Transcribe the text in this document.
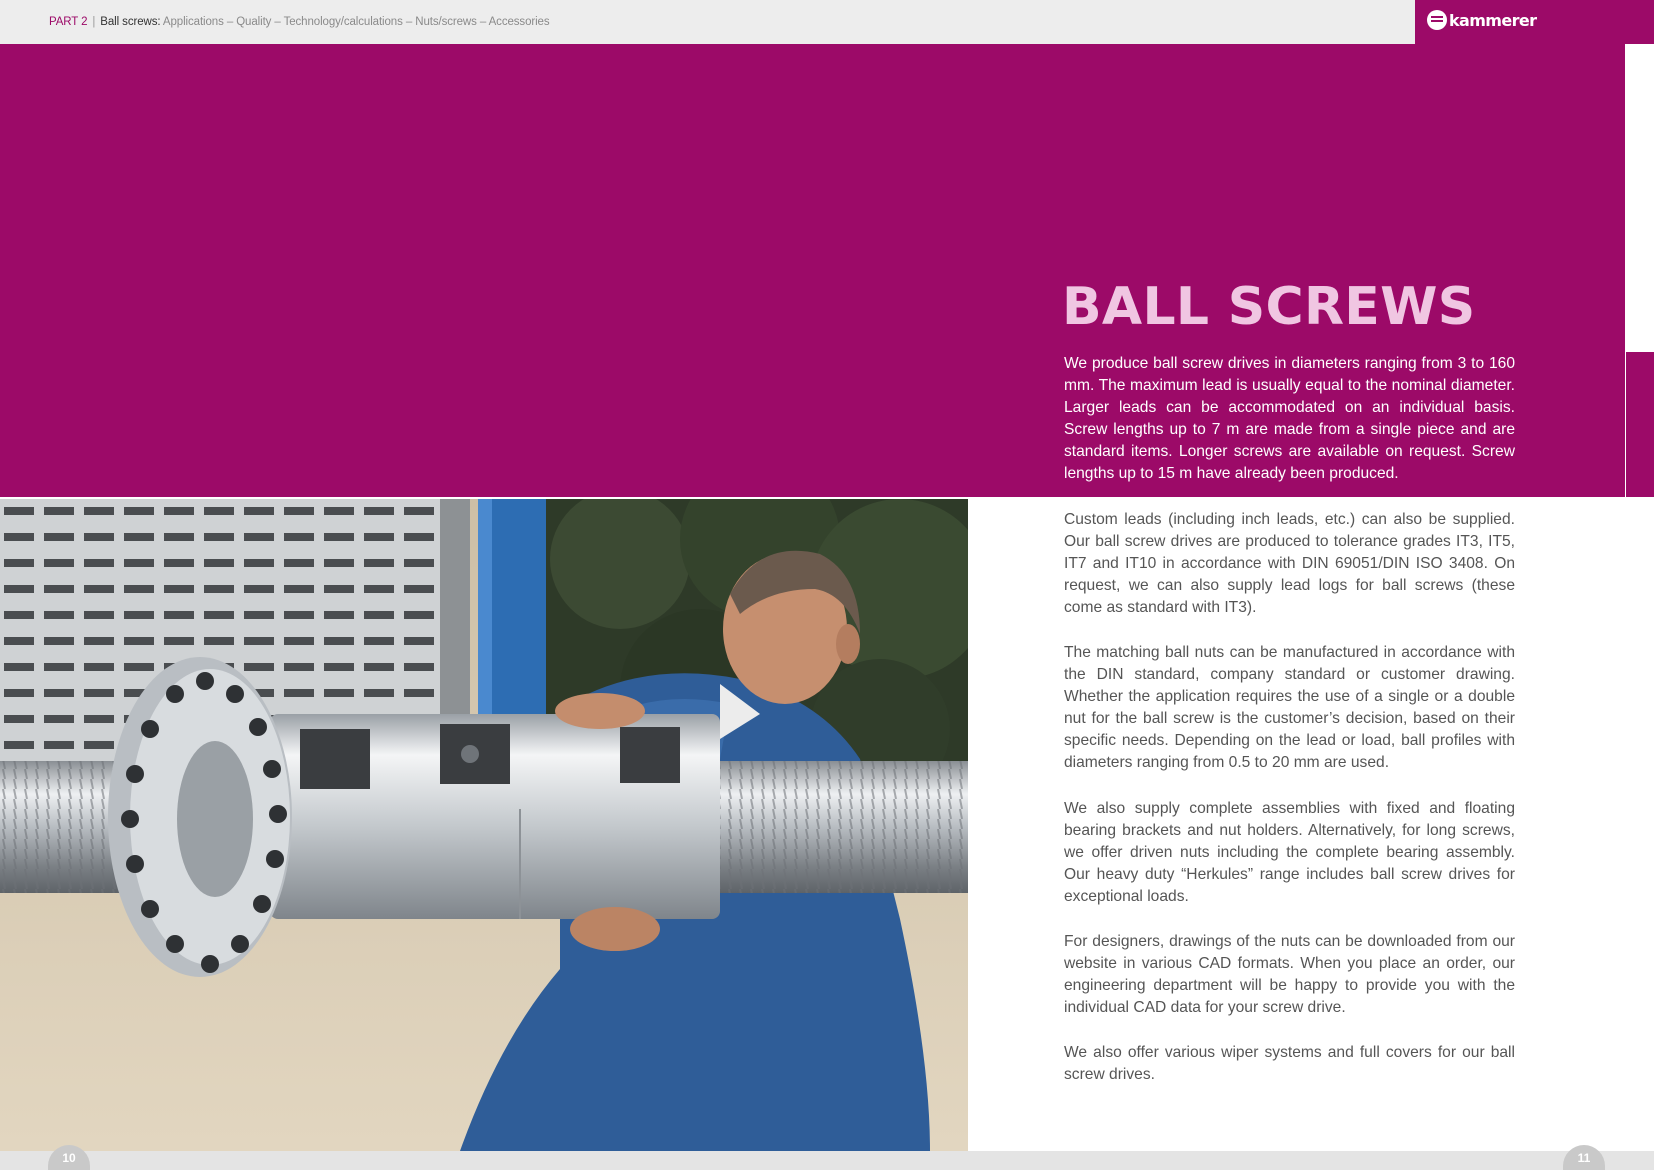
PART 2 | Ball screws: Applications – Quality – Technology/calculations – Nuts/screws – Accessories	kammerer
BALL SCREWS

We produce ball screw drives in diameters ranging from 3 to 160 mm. The maximum lead is usually equal to the nominal diameter. Larger leads can be accommodated on an individual basis. Screw lengths up to 7 m are made from a single piece and are standard items. Longer screws are available on request. Screw lengths up to 15 m have already been produced.

Custom leads (including inch leads, etc.) can also be supplied. Our ball screw drives are produced to tolerance grades IT3, IT5, IT7 and IT10 in accordance with DIN 69051/DIN ISO 3408. On request, we can also supply lead logs for ball screws (these come as standard with IT3).

The matching ball nuts can be manufactured in accordance with the DIN standard, company standard or customer drawing. Whether the application requires the use of a single or a double nut for the ball screw is the customer’s decision, based on their specific needs. Depending on the lead or load, ball profiles with diameters ranging from 0.5 to 20 mm are used.

We also supply complete assemblies with fixed and floating bearing brackets and nut holders. Alternatively, for long screws, we offer driven nuts including the complete bearing assembly. Our heavy duty “Herkules” range includes ball screw drives for exceptional loads.

For designers, drawings of the nuts can be downloaded from our website in various CAD formats. When you place an order, our engineering department will be happy to provide you with the individual CAD data for your screw drive.

We also offer various wiper systems and full covers for our ball screw drives.

10	11
